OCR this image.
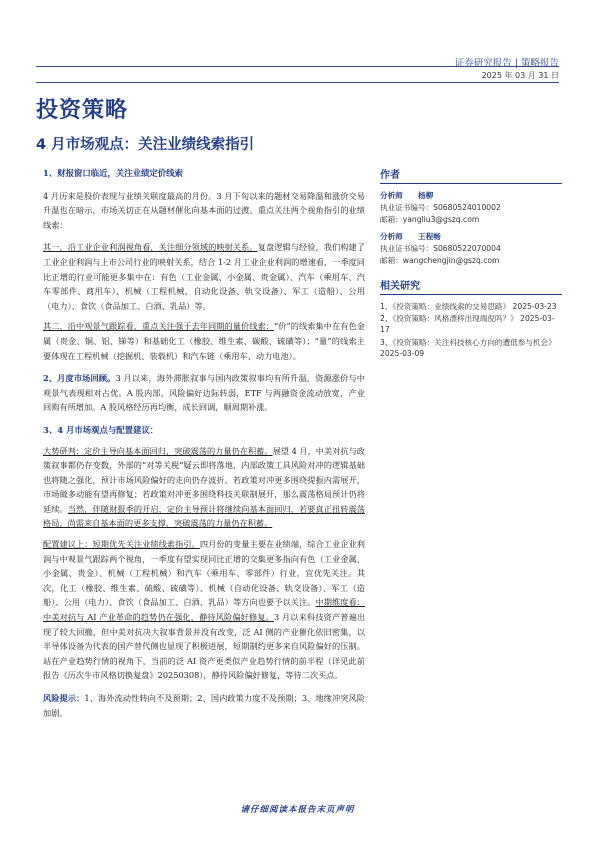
证券研究报告 | 策略报告
2025 年 03 月 31 日
投资策略
4 月市场观点：关注业绩线索指引

1、财报窗口临近，关注业绩定价线索

4 月历来是股价表现与业绩关联度最高的月份。3 月下旬以来的题材交易降温和涨价交易升温也在暗示，市场关切正在从题材催化向基本面的过渡。重点关注两个视角指引的业绩线索：

其一，沿工业企业利润视角看，关注细分领域的映射关系。复盘逻辑与经验，我们构建了工业企业利润与上市公司行业的映射关系，结合 1-2 月工业企业利润的增速看，一季度同比正增的行业可能更多集中在：有色（工业金属、小金属、贵金属）、汽车（乘用车、汽车零部件、商用车）、机械（工程机械，自动化设备、轨交设备）、军工（造船）、公用（电力）、食饮（食品加工、白酒、乳品）等。

其二，沿中观景气跟踪看，重点关注强于去年同期的量价线索：“价”的线索集中在有色金属（贵金、铜、铝、锑等）和基础化工（橡胶、维生素、碳酸、硫磺等）；“量”的线索主要体现在工程机械（挖掘机、装载机）和汽车链（乘用车、动力电池）。

2、月度市场回顾。3 月以来，海外滞胀叙事与国内政策叙事均有所升温，资源涨价与中观景气表现相对占优。A 股内部，风险偏好边际转弱，ETF 与两融资金流动放宽，产业回购有所增加。A 股风格经历再均衡，成长回调，顺周期补涨。

3、4 月市场观点与配置建议：

大势研判：定价主导向基本面回归，突破震荡的力量仍在积蓄。展望 4 月，中美对抗与政策叙事都仍存变数，外部的“对等关税”疑云即将落地，内部政策工具风险对冲的逻辑基础也将随之强化，预计市场风险偏好的走向仍存波折。若政策对冲更多围绕提振内需展开，市场做多动能有望再修复；若政策对冲更多围绕科技关联制展开，那么震荡格局预计仍将延续。当然，伴随财报季的开启，定价主导预计将继续向基本面回归，若要真正扭转震荡格局，尚需来自基本面的更多支撑，突破震荡的力量仍在积蓄。

配置建议上：短期优先关注业绩线索指引。四月份的变量主要在业绩端，综合工业企业利润与中观景气跟踪两个视角，一季度有望实现同比正增的交集更多指向有色（工业金属、小金属、贵金）、机械（工程机械）和汽车（乘用车、零部件）行业，宜优先关注。其次，化工（橡胶、维生素、硫酸、硫磺等）、机械（自动化设备、轨交设备）、军工（造船）、公用（电力）、食饮（食品加工、白酒、乳品）等方向也要予以关注。中期维度看：中美对抗与 AI 产业革命的趋势仍在强化，静待风险偏好修复。3 月以来科技资产普遍出现了较大回撤，但中美对抗决大叙事背景并没有改变，泛 AI 侧的产业催化依旧密集，以半导体设备为代表的国产替代侧也显现了积极进展，短期制约更多来自风险偏好的压制。站在产业趋势行情的视角下，当前的泛 AI 资产更类似产业趋势行情的前半程（详见此前报告《历次牛市风格切换复盘》20250308），静待风险偏好修复，等待二次买点。

风险提示：1、海外流动性转向不及预期；2、国内政策力度不及预期；3、地缘冲突风险加剧。

作者
分析师 杨柳
执业证书编号：S0680524010002
邮箱：yangliu3@gszq.com
分析师 王程畅
执业证书编号：S0680522070004
邮箱：wangchengjin@gszq.com
相关研究
1、《投资策略：业绩线索的交易思路》 2025-03-23
2、《投资策略：风格漂移出现端倪吗？》 2025-03-17
3、《投资策略：关注科技核心方向的遭低参与机会》 2025-03-09
请仔细阅读本报告末页声明
